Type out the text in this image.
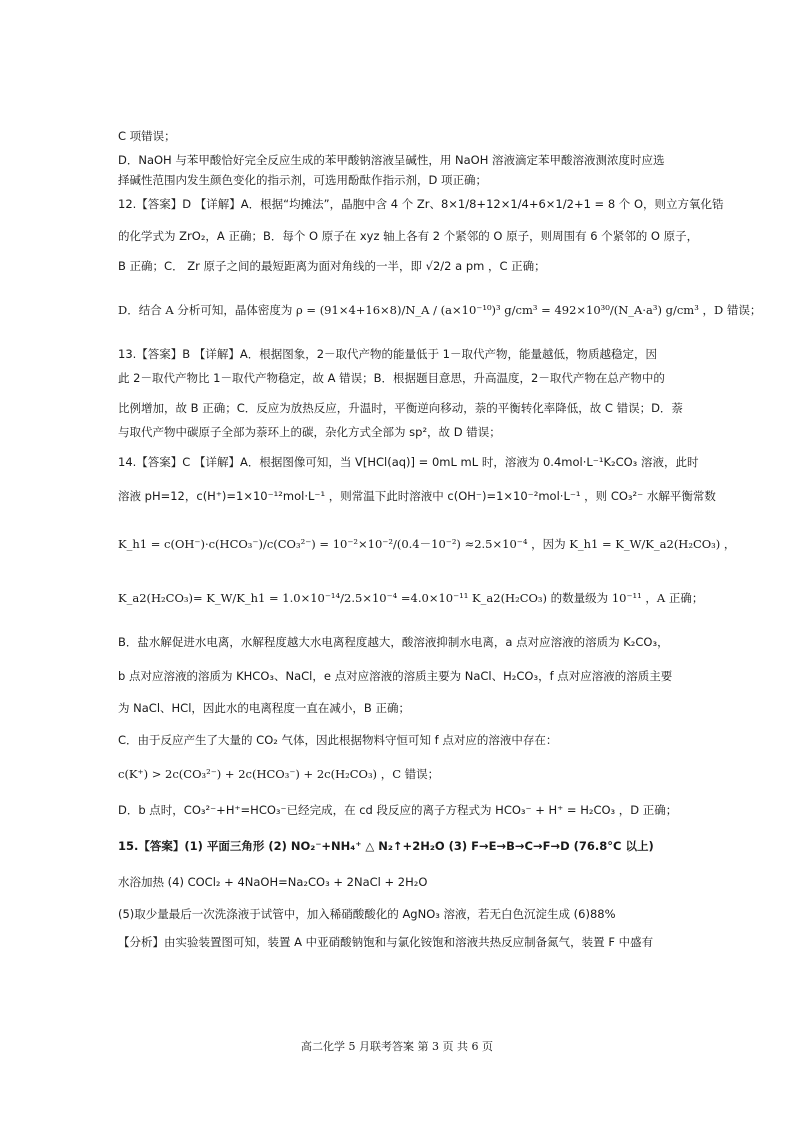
C 项错误；
D．NaOH 与苯甲酸恰好完全反应生成的苯甲酸钠溶液呈碱性，用 NaOH 溶液滴定苯甲酸溶液测浓度时应选
择碱性范围内发生颜色变化的指示剂，可选用酚酞作指示剂，D 项正确；
12.【答案】D 【详解】A．根据“均摊法”，晶胞中含 4 个 Zr、8×1/8+12×1/4+6×1/2+1 = 8 个 O，则立方氧化锆
的化学式为 ZrO₂，A 正确；B．每个 O 原子在 xyz 轴上各有 2 个紧邻的 O 原子，则周围有 6 个紧邻的 O 原子，
B 正确；C． Zr 原子之间的最短距离为面对角线的一半，即 √2/2 a pm ，C 正确；
D．结合 A 分析可知，晶体密度为 ρ = (91×4+16×8)/N_A / (a×10⁻¹⁰)³ g/cm³ = 492×10³⁰/(N_A·a³) g/cm³ ，D 错误；
13.【答案】B 【详解】A．根据图象，2－取代产物的能量低于 1－取代产物，能量越低，物质越稳定，因
此 2－取代产物比 1－取代产物稳定，故 A 错误；B．根据题目意思，升高温度，2－取代产物在总产物中的
比例增加，故 B 正确；C．反应为放热反应，升温时，平衡逆向移动，萘的平衡转化率降低，故 C 错误；D．萘
与取代产物中碳原子全部为萘环上的碳，杂化方式全部为 sp²，故 D 错误；
14.【答案】C 【详解】A．根据图像可知，当 V[HCl(aq)] = 0mL mL 时，溶液为 0.4mol·L⁻¹K₂CO₃ 溶液，此时
溶液 pH=12，c(H⁺)=1×10⁻¹²mol·L⁻¹ ，则常温下此时溶液中 c(OH⁻)=1×10⁻²mol·L⁻¹ ，则 CO₃²⁻ 水解平衡常数
K_h1 = c(OH⁻)·c(HCO₃⁻)/c(CO₃²⁻) = 10⁻²×10⁻²/(0.4－10⁻²) ≈2.5×10⁻⁴ ，因为 K_h1 = K_W/K_a2(H₂CO₃) ，
K_a2(H₂CO₃)= K_W/K_h1 = 1.0×10⁻¹⁴/2.5×10⁻⁴ =4.0×10⁻¹¹ K_a2(H₂CO₃) 的数量级为 10⁻¹¹ ，A 正确；
B．盐水解促进水电离，水解程度越大水电离程度越大，酸溶液抑制水电离，a 点对应溶液的溶质为 K₂CO₃，
b 点对应溶液的溶质为 KHCO₃、NaCl，e 点对应溶液的溶质主要为 NaCl、H₂CO₃，f 点对应溶液的溶质主要
为 NaCl、HCl，因此水的电离程度一直在减小，B 正确；
C．由于反应产生了大量的 CO₂ 气体，因此根据物料守恒可知 f 点对应的溶液中存在：
c(K⁺) > 2c(CO₃²⁻) + 2c(HCO₃⁻) + 2c(H₂CO₃) ，C 错误；
D．b 点时，CO₃²⁻+H⁺=HCO₃⁻已经完成，在 cd 段反应的离子方程式为 HCO₃⁻ + H⁺ = H₂CO₃ ，D 正确；
15.【答案】(1) 平面三角形 (2) NO₂⁻+NH₄⁺ △ N₂↑+2H₂O (3) F→E→B→C→F→D (76.8°C 以上)
水浴加热 (4) COCl₂ + 4NaOH=Na₂CO₃ + 2NaCl + 2H₂O
(5)取少量最后一次洗涤液于试管中，加入稀硝酸酸化的 AgNO₃ 溶液，若无白色沉淀生成 (6)88%
【分析】由实验装置图可知，装置 A 中亚硝酸钠饱和与氯化铵饱和溶液共热反应制备氮气，装置 F 中盛有
高二化学 5 月联考答案 第 3 页 共 6 页
